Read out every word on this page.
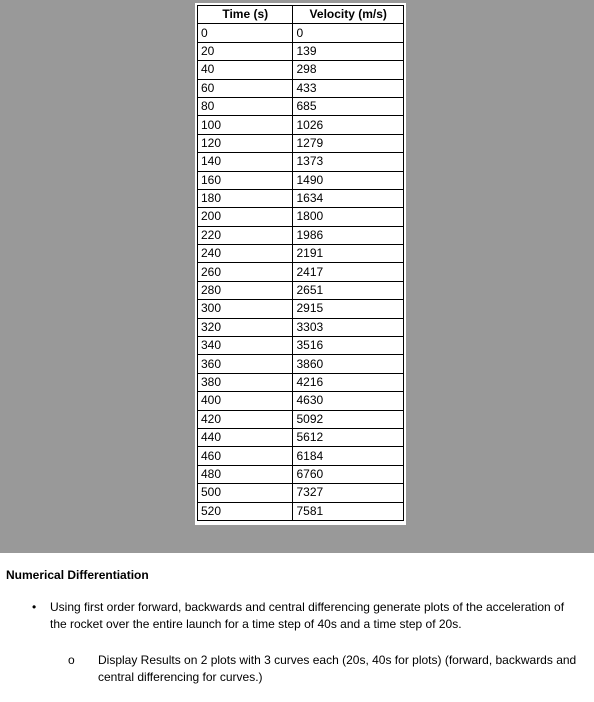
Time (s)	Velocity (m/s)
0	0
20	139
40	298
60	433
80	685
100	1026
120	1279
140	1373
160	1490
180	1634
200	1800
220	1986
240	2191
260	2417
280	2651
300	2915
320	3303
340	3516
360	3860
380	4216
400	4630
420	5092
440	5612
460	6184
480	6760
500	7327
520	7581
Numerical Differentiation
•	Using first order forward, backwards and central differencing generate plots of the acceleration of the rocket over the entire launch for a time step of 40s and a time step of 20s.
o	Display Results on 2 plots with 3 curves each (20s, 40s for plots) (forward, backwards and central differencing for curves.)
